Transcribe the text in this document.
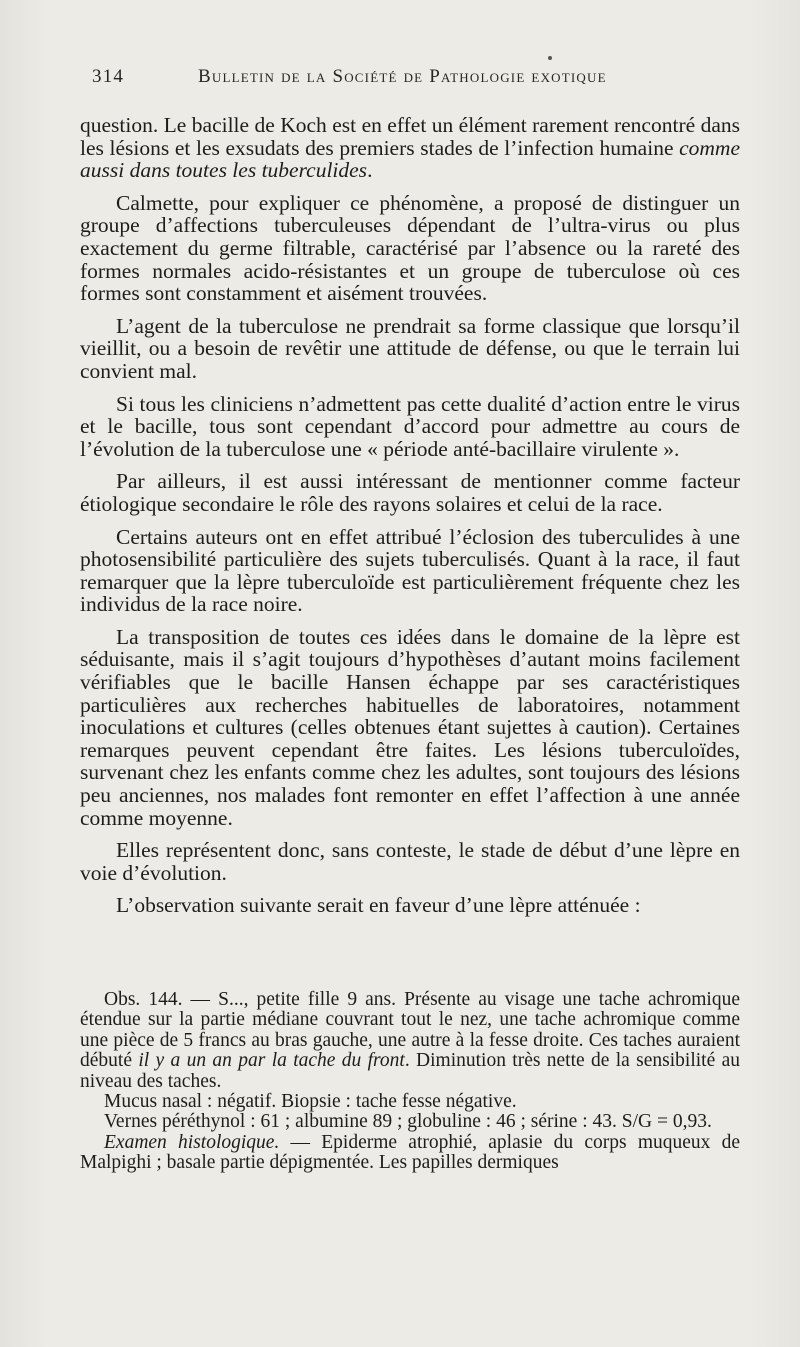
314	Bulletin de la Société de Pathologie exotique

question. Le bacille de Koch est en effet un élément rarement rencontré dans les lésions et les exsudats des premiers stades de l’infection humaine comme aussi dans toutes les tuberculides.

Calmette, pour expliquer ce phénomène, a proposé de distinguer un groupe d’affections tuberculeuses dépendant de l’ultra-virus ou plus exactement du germe filtrable, caractérisé par l’absence ou la rareté des formes normales acido-résistantes et un groupe de tuberculose où ces formes sont constamment et aisément trouvées.

L’agent de la tuberculose ne prendrait sa forme classique que lorsqu’il vieillit, ou a besoin de revêtir une attitude de défense, ou que le terrain lui convient mal.

Si tous les cliniciens n’admettent pas cette dualité d’action entre le virus et le bacille, tous sont cependant d’accord pour admettre au cours de l’évolution de la tuberculose une « période anté-bacillaire virulente ».

Par ailleurs, il est aussi intéressant de mentionner comme facteur étiologique secondaire le rôle des rayons solaires et celui de la race.

Certains auteurs ont en effet attribué l’éclosion des tuberculides à une photosensibilité particulière des sujets tuberculisés. Quant à la race, il faut remarquer que la lèpre tuberculoïde est particulièrement fréquente chez les individus de la race noire.

La transposition de toutes ces idées dans le domaine de la lèpre est séduisante, mais il s’agit toujours d’hypothèses d’autant moins facilement vérifiables que le bacille Hansen échappe par ses caractéristiques particulières aux recherches habituelles de laboratoires, notamment inoculations et cultures (celles obtenues étant sujettes à caution). Certaines remarques peuvent cependant être faites. Les lésions tuberculoïdes, survenant chez les enfants comme chez les adultes, sont toujours des lésions peu anciennes, nos malades font remonter en effet l’affection à une année comme moyenne.

Elles représentent donc, sans conteste, le stade de début d’une lèpre en voie d’évolution.

L’observation suivante serait en faveur d’une lèpre atténuée :

Obs. 144. — S..., petite fille 9 ans. Présente au visage une tache achromique étendue sur la partie médiane couvrant tout le nez, une tache achromique comme une pièce de 5 francs au bras gauche, une autre à la fesse droite. Ces taches auraient débuté il y a un an par la tache du front. Diminution très nette de la sensibilité au niveau des taches.

Mucus nasal : négatif. Biopsie : tache fesse négative.

Vernes péréthynol : 61 ; albumine 89 ; globuline : 46 ; sérine : 43. S/G = 0,93.

Examen histologique. — Epiderme atrophié, aplasie du corps muqueux de Malpighi ; basale partie dépigmentée. Les papilles dermiques
